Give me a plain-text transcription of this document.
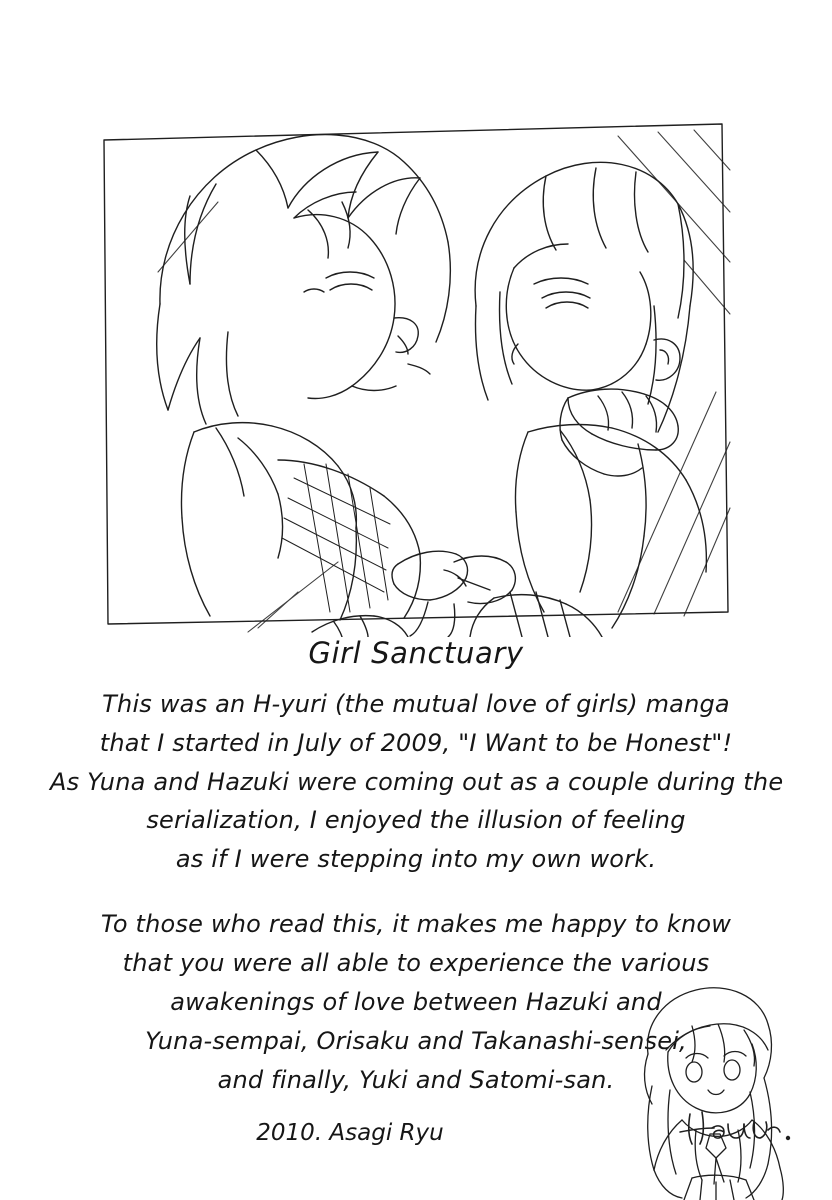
Girl Sanctuary
This was an H-yuri (the mutual love of girls) manga
that I started in July of 2009, "I Want to be Honest"!
As Yuna and Hazuki were coming out as a couple during the
serialization, I enjoyed the illusion of feeling
as if I were stepping into my own work.
To those who read this, it makes me happy to know
that you were all able to experience the various
awakenings of love between Hazuki and
Yuna-sempai, Orisaku and Takanashi-sensei,
and finally, Yuki and Satomi-san.
2010. Asagi Ryu
